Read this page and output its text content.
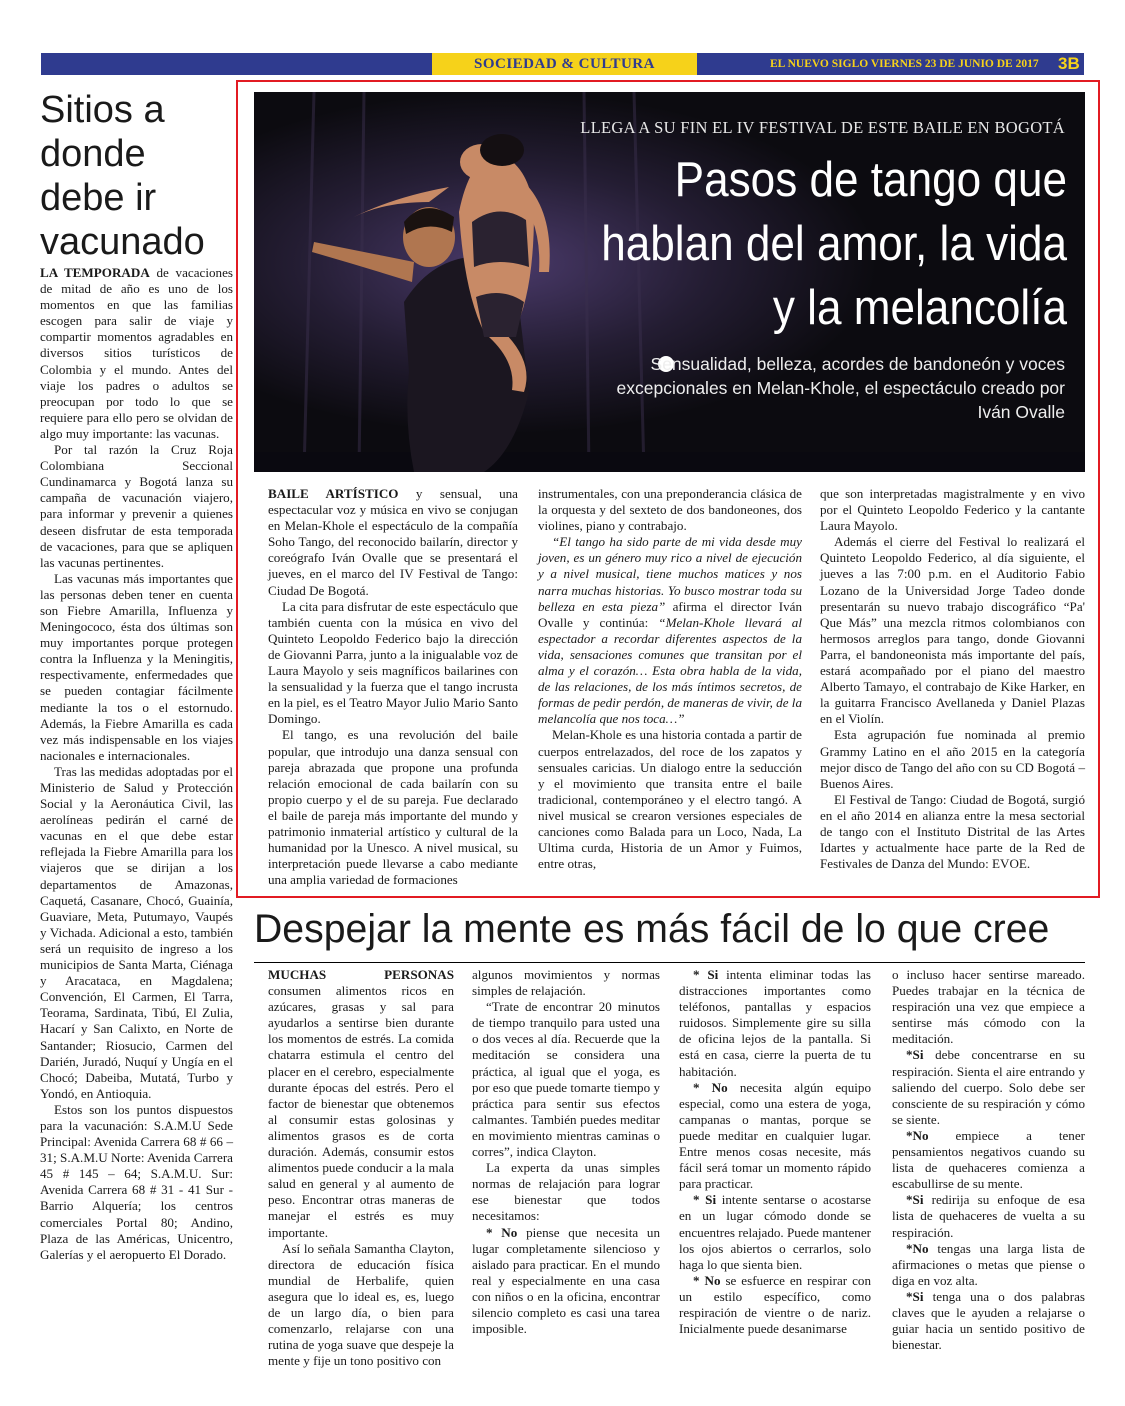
SOCIEDAD & CULTURA	EL NUEVO SIGLO VIERNES 23 DE JUNIO DE 2017 3B
Sitios a donde debe ir vacunado

LA TEMPORADA de vacaciones de mitad de año es uno de los momentos en que las familias escogen para salir de viaje y compartir momentos agradables en diversos sitios turísticos de Colombia y el mundo. Antes del viaje los padres o adultos se preocupan por todo lo que se requiere para ello pero se olvidan de algo muy importante: las vacunas.

Por tal razón la Cruz Roja Colombiana Seccional Cundinamarca y Bogotá lanza su campaña de vacunación viajero, para informar y prevenir a quienes deseen disfrutar de esta temporada de vacaciones, para que se apliquen las vacunas pertinentes.

Las vacunas más importantes que las personas deben tener en cuenta son Fiebre Amarilla, Influenza y Meningococo, ésta dos últimas son muy importantes porque protegen contra la Influenza y la Meningitis, respectivamente, enfermedades que se pueden contagiar fácilmente mediante la tos o el estornudo. Además, la Fiebre Amarilla es cada vez más indispensable en los viajes nacionales e internacionales.

Tras las medidas adoptadas por el Ministerio de Salud y Protección Social y la Aeronáutica Civil, las aerolíneas pedirán el carné de vacunas en el que debe estar reflejada la Fiebre Amarilla para los viajeros que se dirijan a los departamentos de Amazonas, Caquetá, Casanare, Chocó, Guainía, Guaviare, Meta, Putumayo, Vaupés y Vichada. Adicional a esto, también será un requisito de ingreso a los municipios de Santa Marta, Ciénaga y Aracataca, en Magdalena; Convención, El Carmen, El Tarra, Teorama, Sardinata, Tibú, El Zulia, Hacarí y San Calixto, en Norte de Santander; Riosucio, Carmen del Darién, Juradó, Nuquí y Ungía en el Chocó; Dabeiba, Mutatá, Turbo y Yondó, en Antioquia.

Estos son los puntos dispuestos para la vacunación: S.A.M.U Sede Principal: Avenida Carrera 68 # 66 – 31; S.A.M.U Norte: Avenida Carrera 45 # 145 – 64; S.A.M.U. Sur: Avenida Carrera 68 # 31 - 41 Sur - Barrio Alquería; los centros comerciales Portal 80; Andino, Plaza de las Américas, Unicentro, Galerías y el aeropuerto El Dorado.

LLEGA A SU FIN EL IV FESTIVAL DE ESTE BAILE EN BOGOTÁ
Pasos de tango que hablan del amor, la vida y la melancolía
Sensualidad, belleza, acordes de bandoneón y voces excepcionales en Melan-Khole, el espectáculo creado por Iván Ovalle

BAILE ARTÍSTICO y sensual, una espectacular voz y música en vivo se conjugan en Melan-Khole el espectáculo de la compañía Soho Tango, del reconocido bailarín, director y coreógrafo Iván Ovalle que se presentará el jueves, en el marco del IV Festival de Tango: Ciudad De Bogotá.

La cita para disfrutar de este espectáculo que también cuenta con la música en vivo del Quinteto Leopoldo Federico bajo la dirección de Giovanni Parra, junto a la inigualable voz de Laura Mayolo y seis magníficos bailarines con la sensualidad y la fuerza que el tango incrusta en la piel, es el Teatro Mayor Julio Mario Santo Domingo.

El tango, es una revolución del baile popular, que introdujo una danza sensual con pareja abrazada que propone una profunda relación emocional de cada bailarín con su propio cuerpo y el de su pareja. Fue declarado el baile de pareja más importante del mundo y patrimonio inmaterial artístico y cultural de la humanidad por la Unesco. A nivel musical, su interpretación puede llevarse a cabo mediante una amplia variedad de formaciones

instrumentales, con una preponderancia clásica de la orquesta y del sexteto de dos bandoneones, dos violines, piano y contrabajo.

“El tango ha sido parte de mi vida desde muy joven, es un género muy rico a nivel de ejecución y a nivel musical, tiene muchos matices y nos narra muchas historias. Yo busco mostrar toda su belleza en esta pieza” afirma el director Iván Ovalle y continúa: “Melan-Khole llevará al espectador a recordar diferentes aspectos de la vida, sensaciones comunes que transitan por el alma y el corazón… Esta obra habla de la vida, de las relaciones, de los más íntimos secretos, de formas de pedir perdón, de maneras de vivir, de la melancolía que nos toca…”

Melan-Khole es una historia contada a partir de cuerpos entrelazados, del roce de los zapatos y sensuales caricias. Un dialogo entre la seducción y el movimiento que transita entre el baile tradicional, contemporáneo y el electro tangó. A nivel musical se crearon versiones especiales de canciones como Balada para un Loco, Nada, La Ultima curda, Historia de un Amor y Fuimos, entre otras,

que son interpretadas magistralmente y en vivo por el Quinteto Leopoldo Federico y la cantante Laura Mayolo.

Además el cierre del Festival lo realizará el Quinteto Leopoldo Federico, al día siguiente, el jueves a las 7:00 p.m. en el Auditorio Fabio Lozano de la Universidad Jorge Tadeo donde presentarán su nuevo trabajo discográfico “Pa' Que Más” una mezcla ritmos colombianos con hermosos arreglos para tango, donde Giovanni Parra, el bandoneonista más importante del país, estará acompañado por el piano del maestro Alberto Tamayo, el contrabajo de Kike Harker, en la guitarra Francisco Avellaneda y Daniel Plazas en el Violín.

Esta agrupación fue nominada al premio Grammy Latino en el año 2015 en la categoría mejor disco de Tango del año con su CD Bogotá – Buenos Aires.

El Festival de Tango: Ciudad de Bogotá, surgió en el año 2014 en alianza entre la mesa sectorial de tango con el Instituto Distrital de las Artes Idartes y actualmente hace parte de la Red de Festivales de Danza del Mundo: EVOE.

Despejar la mente es más fácil de lo que cree

MUCHAS PERSONAS consumen alimentos ricos en azúcares, grasas y sal para ayudarlos a sentirse bien durante los momentos de estrés. La comida chatarra estimula el centro del placer en el cerebro, especialmente durante épocas del estrés. Pero el factor de bienestar que obtenemos al consumir estas golosinas y alimentos grasos es de corta duración. Además, consumir estos alimentos puede conducir a la mala salud en general y al aumento de peso. Encontrar otras maneras de manejar el estrés es muy importante.

Así lo señala Samantha Clayton, directora de educación física mundial de Herbalife, quien asegura que lo ideal es, es, luego de un largo día, o bien para comenzarlo, relajarse con una rutina de yoga suave que despeje la mente y fije un tono positivo con

algunos movimientos y normas simples de relajación.

“Trate de encontrar 20 minutos de tiempo tranquilo para usted una o dos veces al día. Recuerde que la meditación se considera una práctica, al igual que el yoga, es por eso que puede tomarte tiempo y práctica para sentir sus efectos calmantes. También puedes meditar en movimiento mientras caminas o corres”, indica Clayton.

La experta da unas simples normas de relajación para lograr ese bienestar que todos necesitamos:

* No piense que necesita un lugar completamente silencioso y aislado para practicar. En el mundo real y especialmente en una casa con niños o en la oficina, encontrar silencio completo es casi una tarea imposible.

* Si intenta eliminar todas las distracciones importantes como teléfonos, pantallas y espacios ruidosos. Simplemente gire su silla de oficina lejos de la pantalla. Si está en casa, cierre la puerta de tu habitación.

* No necesita algún equipo especial, como una estera de yoga, campanas o mantas, porque se puede meditar en cualquier lugar. Entre menos cosas necesite, más fácil será tomar un momento rápido para practicar.

* Si intente sentarse o acostarse en un lugar cómodo donde se encuentres relajado. Puede mantener los ojos abiertos o cerrarlos, solo haga lo que sienta bien.

* No se esfuerce en respirar con un estilo específico, como respiración de vientre o de nariz. Inicialmente puede desanimarse

o incluso hacer sentirse mareado. Puedes trabajar en la técnica de respiración una vez que empiece a sentirse más cómodo con la meditación.

*Si debe concentrarse en su respiración. Sienta el aire entrando y saliendo del cuerpo. Solo debe ser consciente de su respiración y cómo se siente.

*No empiece a tener pensamientos negativos cuando su lista de quehaceres comienza a escabullirse de su mente.

*Si redirija su enfoque de esa lista de quehaceres de vuelta a su respiración.

*No tengas una larga lista de afirmaciones o metas que piense o diga en voz alta.

*Si tenga una o dos palabras claves que le ayuden a relajarse o guiar hacia un sentido positivo de bienestar.
